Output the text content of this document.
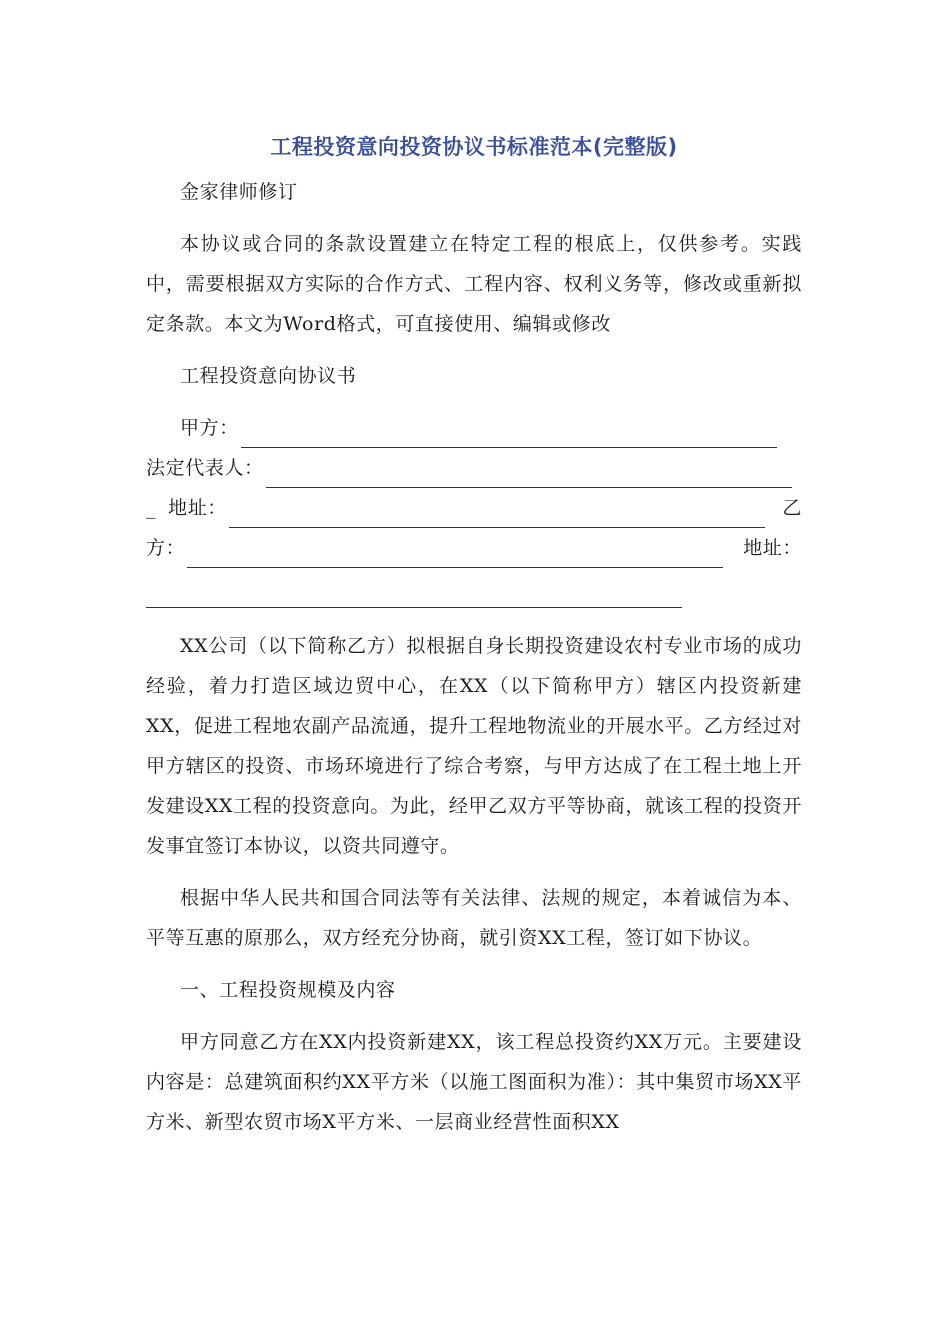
工程投资意向投资协议书标准范本(完整版)

金家律师修订

本协议或合同的条款设置建立在特定工程的根底上，仅供参考。实践中，需要根据双方实际的合作方式、工程内容、权利义务等，修改或重新拟定条款。本文为Word格式，可直接使用、编辑或修改

工程投资意向协议书

甲方：
法定代表人：
_ 地址：	乙
方：	地址：

XX公司（以下简称乙方）拟根据自身长期投资建设农村专业市场的成功经验，着力打造区域边贸中心，在XX（以下简称甲方）辖区内投资新建XX，促进工程地农副产品流通，提升工程地物流业的开展水平。乙方经过对甲方辖区的投资、市场环境进行了综合考察，与甲方达成了在工程土地上开发建设XX工程的投资意向。为此，经甲乙双方平等协商，就该工程的投资开发事宜签订本协议，以资共同遵守。

根据中华人民共和国合同法等有关法律、法规的规定，本着诚信为本、平等互惠的原那么，双方经充分协商，就引资XX工程，签订如下协议。

一、工程投资规模及内容

甲方同意乙方在XX内投资新建XX，该工程总投资约XX万元。主要建设内容是：总建筑面积约XX平方米（以施工图面积为准）：其中集贸市场XX平方米、新型农贸市场X平方米、一层商业经营性面积XX
